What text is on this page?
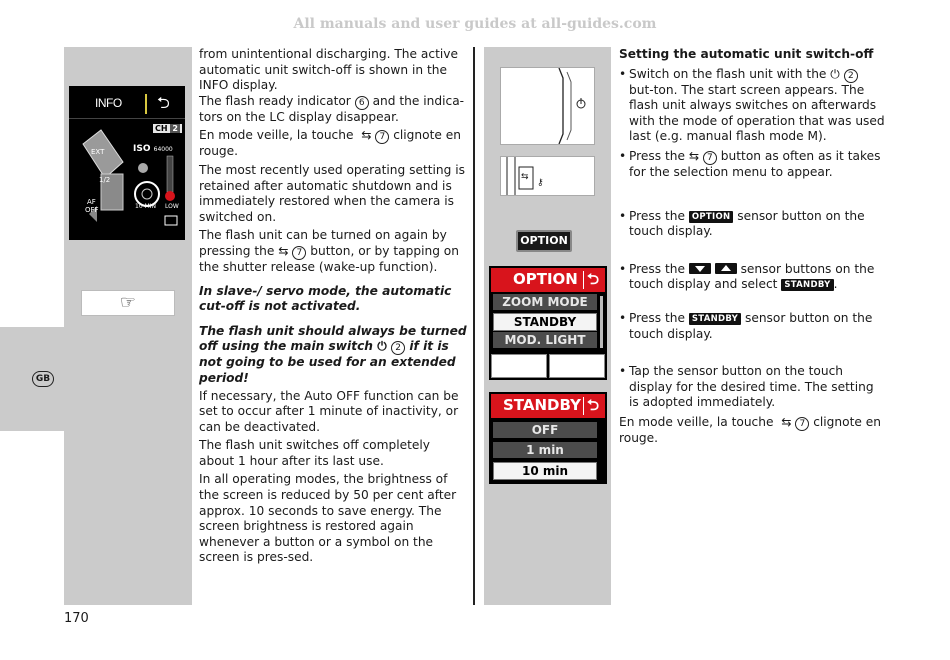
All manuals and user guides at all-guides.com
GB
INFO ⮌
CH 2
EXT	ISO 64000
1/2
AF
OFF	10 MIN LOW
☞

from unintentional discharging. The active automatic unit switch-off is shown in the INFO display.

The flash ready indicator 6 and the indica-tors on the LC display disappear.

En mode veille, la touche  ⇆ 7 clignote en rouge.

The most recently used operating setting is retained after automatic shutdown and is immediately restored when the camera is switched on.

The flash unit can be turned on again by pressing the ⇆ 7 button, or by tapping on the shutter release (wake-up function).

In slave-/ servo mode, the automatic cut-off is not activated.

The flash unit should always be turned off using the main switch ⏻ 2 if it is not going to be used for an extended period!

If necessary, the Auto OFF function can be set to occur after 1 minute of inactivity, or can be deactivated.

The flash unit switches off completely about 1 hour after its last use.

In all operating modes, the brightness of the screen is reduced by 50 per cent after approx. 10 seconds to save energy. The screen brightness is restored again whenever a button or a symbol on the screen is pres-sed.

⇆
⚷
OPTION
OPTION ⮌
ZOOM MODE
STANDBY
MOD. LIGHT
▼	▲
STANDBY ⮌
OFF
1 min
10 min

Setting the automatic unit switch-off

• Switch on the flash unit with the ⏻ 2 but-ton. The start screen appears. The flash unit always switches on afterwards with the mode of operation that was used last (e.g. manual flash mode M).

• Press the ⇆ 7 button as often as it takes for the selection menu to appear.

• Press the OPTION sensor button on the touch display.

• Press the	sensor buttons on the touch display and select STANDBY .

• Press the STANDBY sensor button on the touch display.

• Tap the sensor button on the touch display for the desired time. The setting is adopted immediately.

En mode veille, la touche  ⇆ 7 clignote en rouge.

170
